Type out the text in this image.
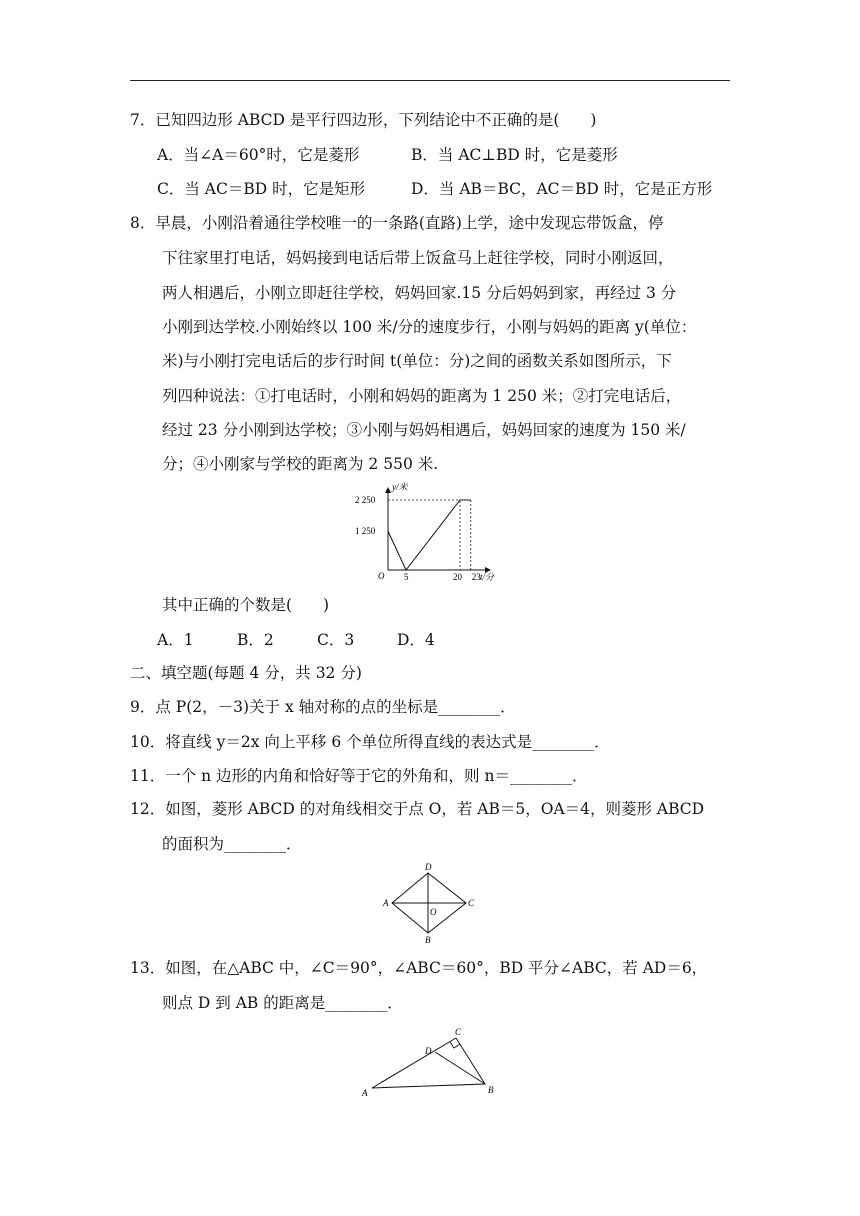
7．已知四边形 ABCD 是平行四边形，下列结论中不正确的是(　　)
A．当∠A＝60°时，它是菱形	B．当 AC⊥BD 时，它是菱形
C．当 AC＝BD 时，它是矩形	D．当 AB＝BC，AC＝BD 时，它是正方形
8．早晨，小刚沿着通往学校唯一的一条路(直路)上学，途中发现忘带饭盒，停
下往家里打电话，妈妈接到电话后带上饭盒马上赶往学校，同时小刚返回，
两人相遇后，小刚立即赶往学校，妈妈回家.15 分后妈妈到家，再经过 3 分
小刚到达学校.小刚始终以 100 米/分的速度步行，小刚与妈妈的距离 y(单位：
米)与小刚打完电话后的步行时间 t(单位：分)之间的函数关系如图所示，下
列四种说法：①打电话时，小刚和妈妈的距离为 1 250 米；②打完电话后，
经过 23 分小刚到达学校；③小刚与妈妈相遇后，妈妈回家的速度为 150 米/
分；④小刚家与学校的距离为 2 550 米.
y/米
t/分
O 5	20 23
1 250
2 250
其中正确的个数是(　　)
A．1	B．2	C．3	D．4
二、填空题(每题 4 分，共 32 分)
9．点 P(2，－3)关于 x 轴对称的点的坐标是________．
10．将直线 y＝2x 向上平移 6 个单位所得直线的表达式是________．
11．一个 n 边形的内角和恰好等于它的外角和，则 n＝________．
12．如图，菱形 ABCD 的对角线相交于点 O，若 AB＝5，OA＝4，则菱形 ABCD
的面积为________．
D
A	C
O
B
13．如图，在△ABC 中，∠C＝90°，∠ABC＝60°，BD 平分∠ABC，若 AD＝6，
则点 D 到 AB 的距离是________．
C
D
A	B
